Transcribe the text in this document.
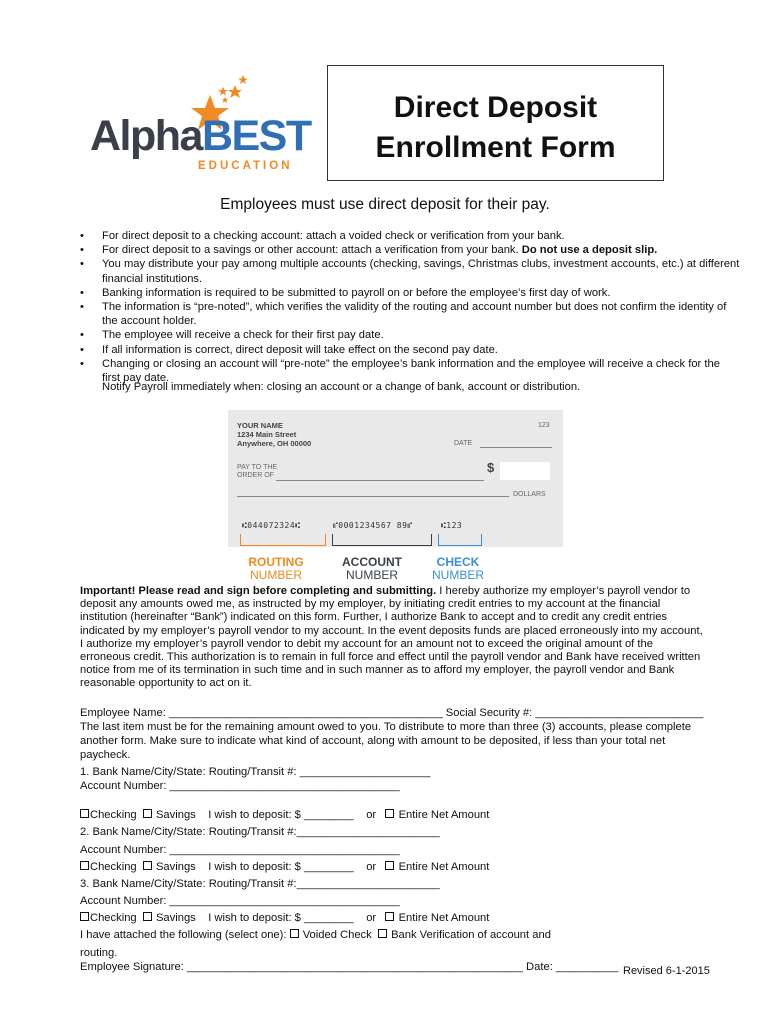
AlphaBEST
EDUCATION
Direct Deposit
Enrollment Form
Employees must use direct deposit for their pay.
• For direct deposit to a checking account: attach a voided check or verification from your bank.
• For direct deposit to a savings or other account: attach a verification from your bank. Do not use a deposit slip.
• You may distribute your pay among multiple accounts (checking, savings, Christmas clubs, investment accounts, etc.) at different financial institutions.
• Banking information is required to be submitted to payroll on or before the employee’s first day of work.
• The information is “pre-noted”, which verifies the validity of the routing and account number but does not confirm the identity of the account holder.
• The employee will receive a check for their first pay date.
• If all information is correct, direct deposit will take effect on the second pay date.
• Changing or closing an account will “pre-note” the employee’s bank information and the employee will receive a check for the first pay date.
Notify Payroll immediately when: closing an account or a change of bank, account or distribution.
YOUR NAME
1234 Main Street
Anywhere, OH 00000
123
DATE
PAY TO THE
ORDER OF
$
DOLLARS
⑆044072324⑆	⑈0001234567 89⑈	⑆123
ROUTING
NUMBER
ACCOUNT
NUMBER
CHECK
NUMBER
Important! Please read and sign before completing and submitting. I hereby authorize my employer’s payroll vendor to deposit any amounts owed me, as instructed by my employer, by initiating credit entries to my account at the financial institution (hereinafter “Bank”) indicated on this form. Further, I authorize Bank to accept and to credit any credit entries indicated by my employer’s payroll vendor to my account. In the event deposits funds are placed erroneously into my account, I authorize my employer’s payroll vendor to debit my account for an amount not to exceed the original amount of the erroneous credit. This authorization is to remain in full force and effect until the payroll vendor and Bank have received written notice from me of its termination in such time and in such manner as to afford my employer, the payroll vendor and Bank reasonable opportunity to act on it.
Employee Name: ____________________________________________ Social Security #: ___________________________
The last item must be for the remaining amount owed to you. To distribute to more than three (3) accounts, please complete another form. Make sure to indicate what kind of account, along with amount to be deposited, if less than your total net paycheck.
1. Bank Name/City/State: Routing/Transit #: _____________________
Account Number: _____________________________________
Checking Savings I wish to deposit: $ ________ or Entire Net Amount
2. Bank Name/City/State: Routing/Transit #:_______________________
Account Number: _____________________________________
Checking Savings I wish to deposit: $ ________ or Entire Net Amount
3. Bank Name/City/State: Routing/Transit #:_______________________
Account Number: _____________________________________
Checking Savings I wish to deposit: $ ________ or Entire Net Amount
I have attached the following (select one):  Voided Check Bank Verification of account and
routing.
Employee Signature: ______________________________________________________ Date: __________ Revised 6-1-2015
